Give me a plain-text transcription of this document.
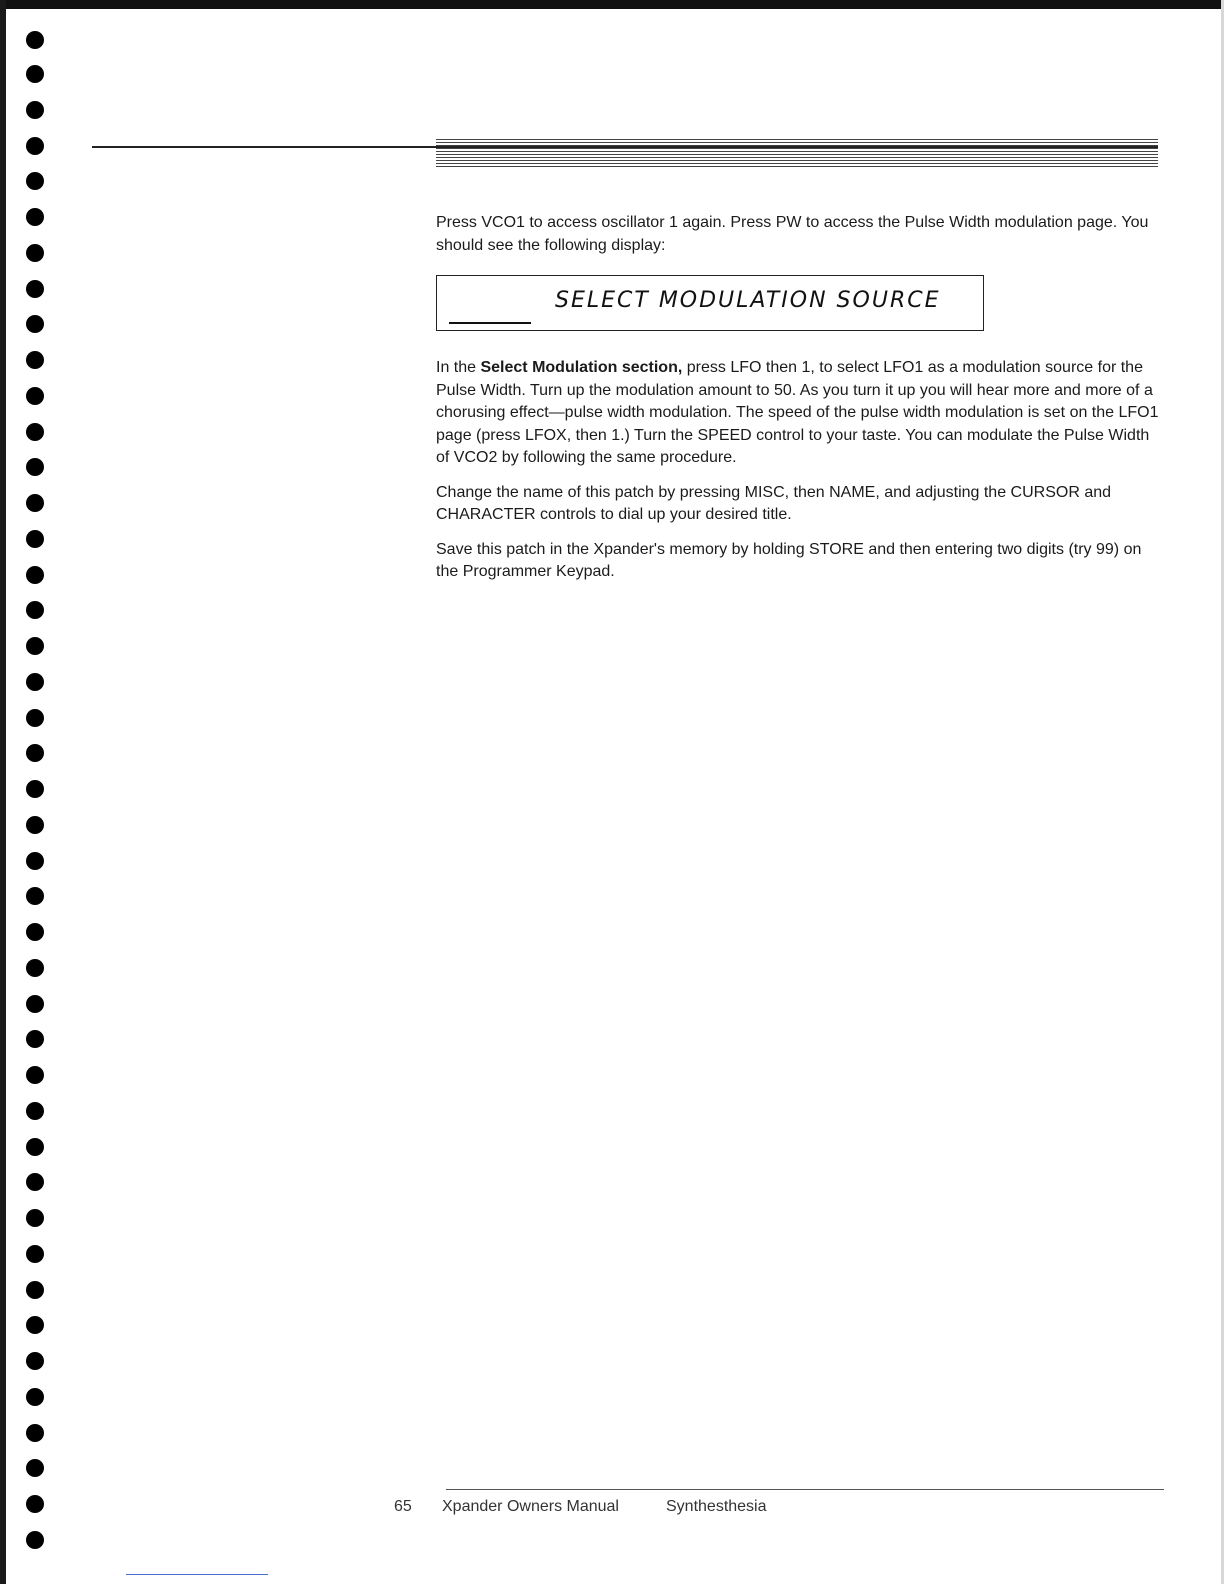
Press VCO1 to access oscillator 1 again. Press PW to access the Pulse Width modulation page. You should see the following display:

SELECT MODULATION SOURCE

In the Select Modulation section, press LFO then 1, to select LFO1 as a modulation source for the Pulse Width. Turn up the modulation amount to 50. As you turn it up you will hear more and more of a chorusing effect—pulse width modulation. The speed of the pulse width modulation is set on the LFO1 page (press LFOX, then 1.) Turn the SPEED control to your taste. You can modulate the Pulse Width of VCO2 by following the same procedure.

Change the name of this patch by pressing MISC, then NAME, and adjusting the CURSOR and CHARACTER controls to dial up your desired title.

Save this patch in the Xpander's memory by holding STORE and then entering two digits (try 99) on the Programmer Keypad.

65 Xpander Owners Manual	Synthesthesia
